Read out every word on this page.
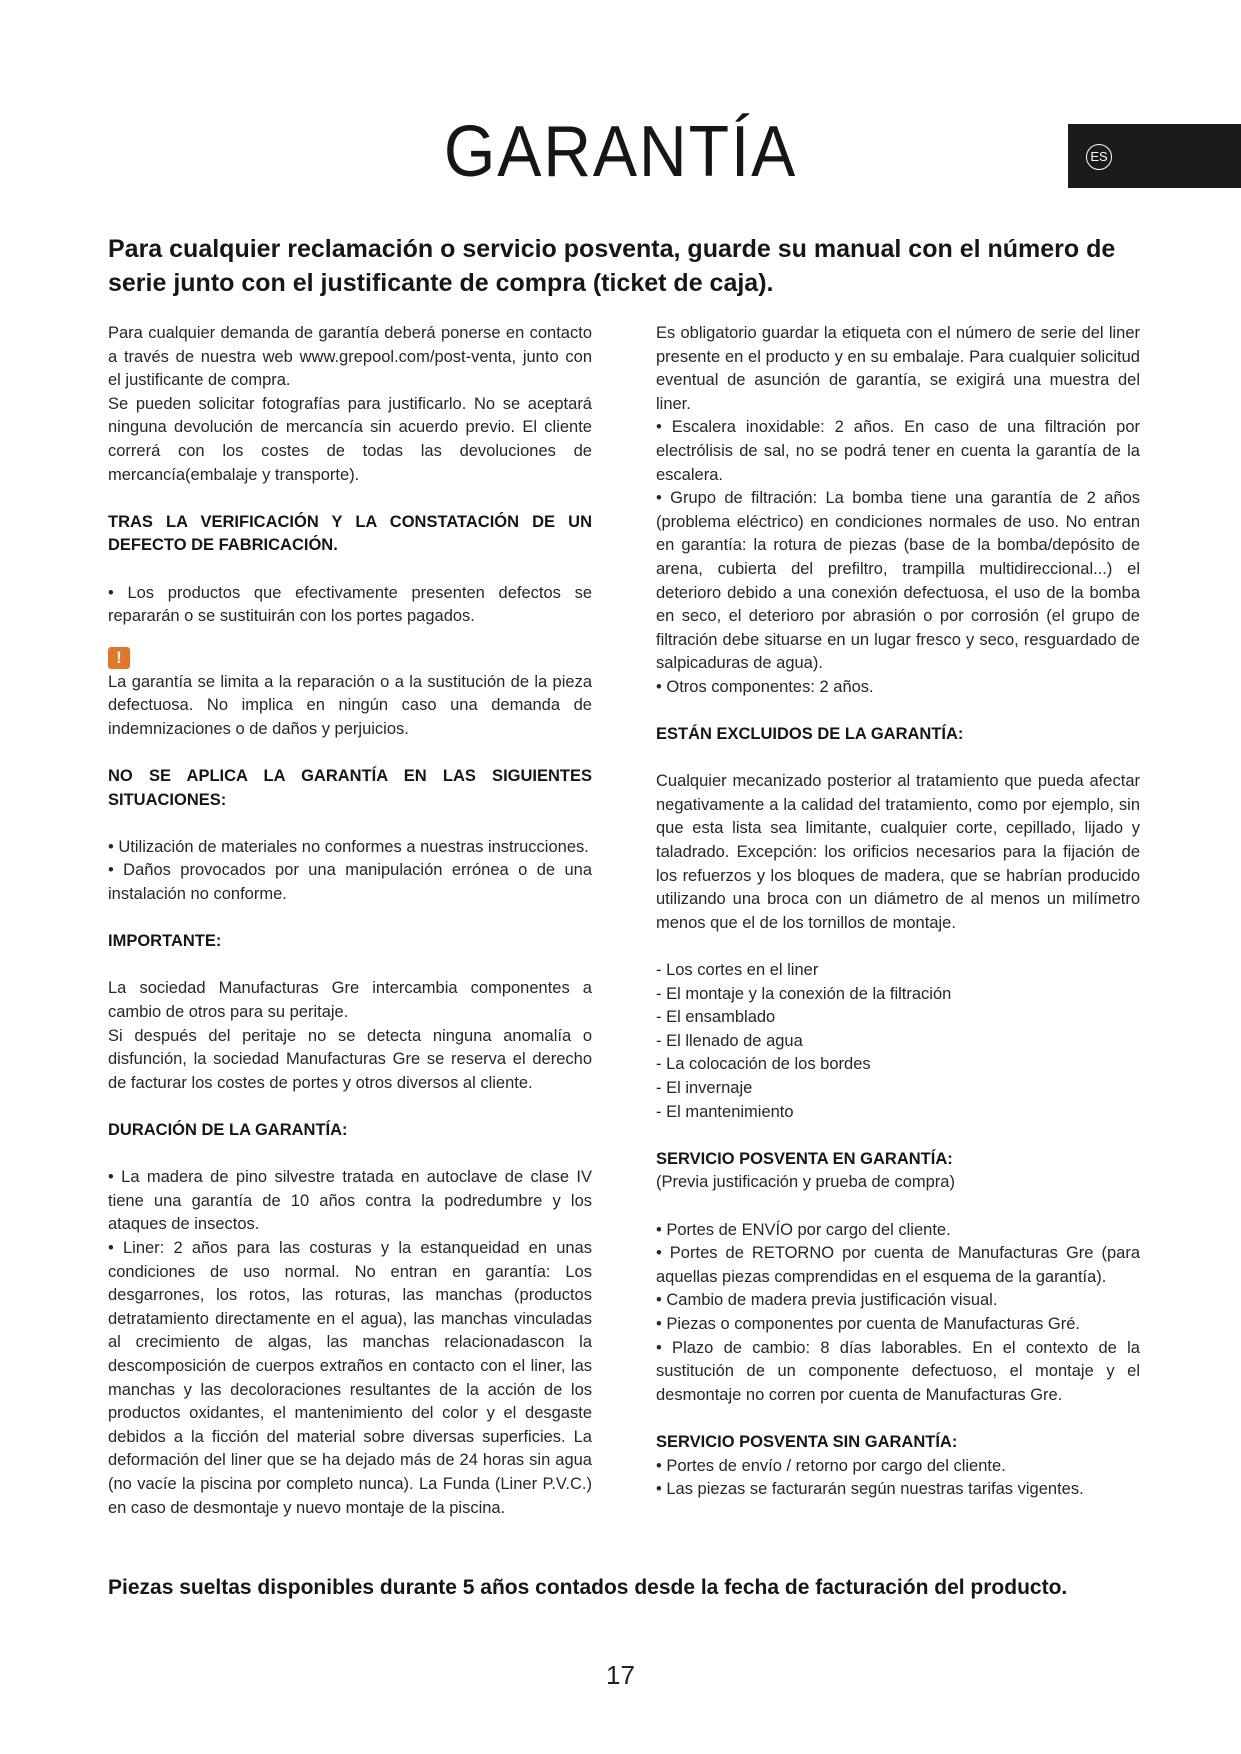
GARANTÍA	ES
Para cualquier reclamación o servicio posventa, guarde su manual con el número de serie junto con el justificante de compra (ticket de caja).

Para cualquier demanda de garantía deberá ponerse en contacto a través de nuestra web www.grepool.com/post-venta, junto con el justificante de compra.

Se pueden solicitar fotografías para justificarlo. No se aceptará ninguna devolución de mercancía sin acuerdo previo. El cliente correrá con los costes de todas las devoluciones de mercancía(embalaje y transporte).

TRAS LA VERIFICACIÓN Y LA CONSTATACIÓN DE UN DEFECTO DE FABRICACIÓN.

• Los productos que efectivamente presenten defectos se repararán o se sustituirán con los portes pagados.

!

La garantía se limita a la reparación o a la sustitución de la pieza defectuosa. No implica en ningún caso una demanda de indemnizaciones o de daños y perjuicios.

NO SE APLICA LA GARANTÍA EN LAS SIGUIENTES SITUACIONES:

• Utilización de materiales no conformes a nuestras instrucciones.

• Daños provocados por una manipulación errónea o de una instalación no conforme.

IMPORTANTE:

La sociedad Manufacturas Gre intercambia componentes a cambio de otros para su peritaje.

Si después del peritaje no se detecta ninguna anomalía o disfunción, la sociedad Manufacturas Gre se reserva el derecho de facturar los costes de portes y otros diversos al cliente.

DURACIÓN DE LA GARANTÍA:

• La madera de pino silvestre tratada en autoclave de clase IV tiene una garantía de 10 años contra la podredumbre y los ataques de insectos.

• Liner: 2 años para las costuras y la estanqueidad en unas condiciones de uso normal. No entran en garantía: Los desgarrones, los rotos, las roturas, las manchas (productos detratamiento directamente en el agua), las manchas vinculadas al crecimiento de algas, las manchas relacionadascon la descomposición de cuerpos extraños en contacto con el liner, las manchas y las decoloraciones resultantes de la acción de los productos oxidantes, el mantenimiento del color y el desgaste debidos a la ficción del material sobre diversas superficies. La deformación del liner que se ha dejado más de 24 horas sin agua (no vacíe la piscina por completo nunca). La Funda (Liner P.V.C.) en caso de desmontaje y nuevo montaje de la piscina.

Es obligatorio guardar la etiqueta con el número de serie del liner presente en el producto y en su embalaje. Para cualquier solicitud eventual de asunción de garantía, se exigirá una muestra del liner.

• Escalera inoxidable: 2 años. En caso de una filtración por electrólisis de sal, no se podrá tener en cuenta la garantía de la escalera.

• Grupo de filtración: La bomba tiene una garantía de 2 años (problema eléctrico) en condiciones normales de uso. No entran en garantía: la rotura de piezas (base de la bomba/depósito de arena, cubierta del prefiltro, trampilla multidireccional...) el deterioro debido a una conexión defectuosa, el uso de la bomba en seco, el deterioro por abrasión o por corrosión (el grupo de filtración debe situarse en un lugar fresco y seco, resguardado de salpicaduras de agua).

• Otros componentes: 2 años.

ESTÁN EXCLUIDOS DE LA GARANTÍA:

Cualquier mecanizado posterior al tratamiento que pueda afectar negativamente a la calidad del tratamiento, como por ejemplo, sin que esta lista sea limitante, cualquier corte, cepillado, lijado y taladrado. Excepción: los orificios necesarios para la fijación de los refuerzos y los bloques de madera, que se habrían producido utilizando una broca con un diámetro de al menos un milímetro menos que el de los tornillos de montaje.

- Los cortes en el liner

- El montaje y la conexión de la filtración

- El ensamblado

- El llenado de agua

- La colocación de los bordes

- El invernaje

- El mantenimiento

SERVICIO POSVENTA EN GARANTÍA:

(Previa justificación y prueba de compra)

• Portes de ENVÍO por cargo del cliente.

• Portes de RETORNO por cuenta de Manufacturas Gre (para aquellas piezas comprendidas en el esquema de la garantía).

• Cambio de madera previa justificación visual.

• Piezas o componentes por cuenta de Manufacturas Gré.

• Plazo de cambio: 8 días laborables. En el contexto de la sustitución de un componente defectuoso, el montaje y el desmontaje no corren por cuenta de Manufacturas Gre.

SERVICIO POSVENTA SIN GARANTÍA:

• Portes de envío / retorno por cargo del cliente.

• Las piezas se facturarán según nuestras tarifas vigentes.

Piezas sueltas disponibles durante 5 años contados desde la fecha de facturación del producto.
17
